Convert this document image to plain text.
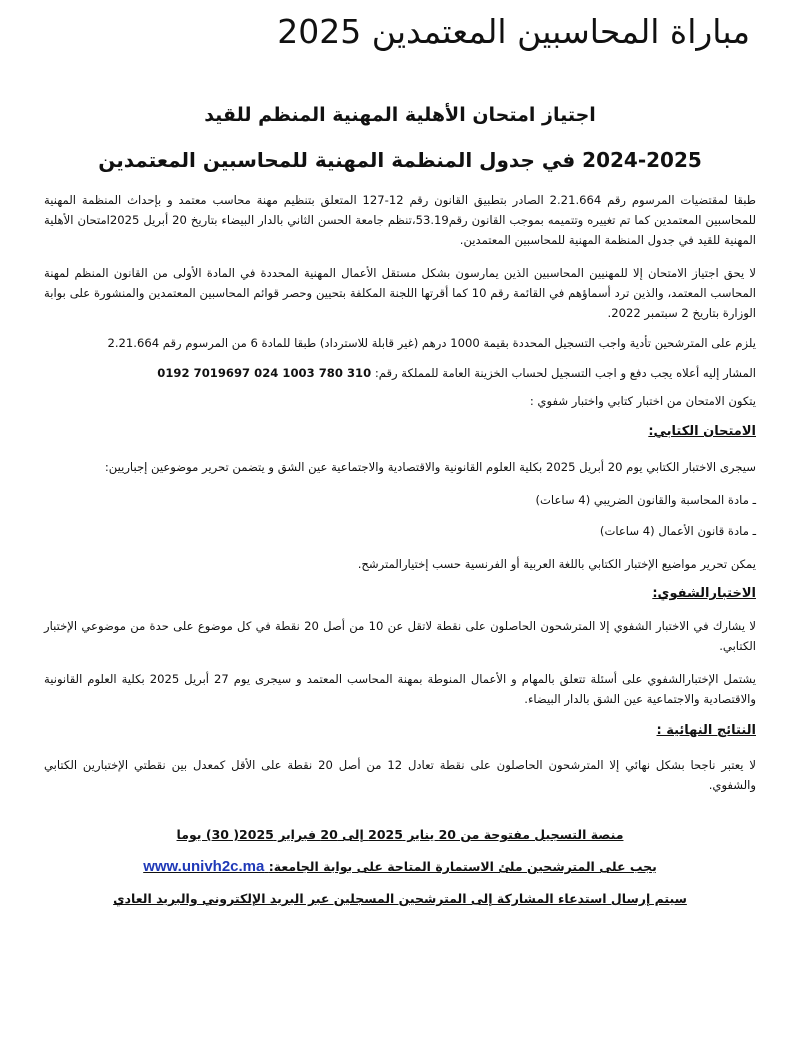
مباراة المحاسبين المعتمدين 2025
اجتياز امتحان الأهلية المهنية المنظم للقيد
2024-2025 في جدول المنظمة المهنية للمحاسبين المعتمدين

طبقا لمقتضيات المرسوم رقم 2.21.664 الصادر بتطبيق القانون رقم 12-127 المتعلق بتنظيم مهنة محاسب معتمد و بإحداث المنظمة المهنية للمحاسبين المعتمدين كما تم تغييره وتتميمه بموجب القانون رقم53.19،تنظم جامعة الحسن الثاني بالدار البيضاء بتاريخ 20 أبريل 2025امتحان الأهلية المهنية للقيد في جدول المنظمة المهنية للمحاسبين المعتمدين.

لا يحق اجتياز الامتحان إلا للمهنيين المحاسبين الذين يمارسون بشكل مستقل الأعمال المهنية المحددة في المادة الأولى من القانون المنظم لمهنة المحاسب المعتمد، والذين ترد أسماؤهم في القائمة رقم 10 كما أقرتها اللجنة المكلفة بتحيين وحصر قوائم المحاسبين المعتمدين والمنشورة على بوابة الوزارة بتاريخ 2 سبتمبر 2022.

يلزم على المترشحين تأدية واجب التسجيل المحددة بقيمة 1000 درهم (غير قابلة للاسترداد) طبقا للمادة 6 من المرسوم رقم 2.21.664

المشار إليه أعلاه يجب دفع و اجب التسجيل لحساب الخزينة العامة للمملكة رقم: 310 780 1003 024 7019697 0192

يتكون الامتحان من اختبار كتابي واختبار شفوي :

الامتحان الكتابي:

سيجرى الاختبار الكتابي يوم 20 أبريل 2025 بكلية العلوم القانونية والاقتصادية والاجتماعية عين الشق و يتضمن تحرير موضوعين إجباريين:

ـ مادة المحاسبة والقانون الضريبي (4 ساعات)

ـ مادة قانون الأعمال (4 ساعات)

يمكن تحرير مواضيع الإختبار الكتابي باللغة العربية أو الفرنسية حسب إختيارالمترشح.

الاختبارالشفوي:

لا يشارك في الاختبار الشفوي إلا المترشحون الحاصلون على نقطة لاتقل عن 10 من أصل 20 نقطة في كل موضوع على حدة من موضوعي الإختبار الكتابي.

يشتمل الإختبارالشفوي على أسئلة تتعلق بالمهام و الأعمال المنوطة بمهنة المحاسب المعتمد و سيجرى يوم 27 أبريل 2025 بكلية العلوم القانونية والاقتصادية والاجتماعية عين الشق بالدار البيضاء.

النتائج النهائية :

لا يعتبر ناجحا بشكل نهائي إلا المترشحون الحاصلون على نقطة تعادل 12 من أصل 20 نقطة على الأقل كمعدل بين نقطتي الإختبارين الكتابي والشفوي.

منصة التسجيل مفتوحة من 20 يناير 2025 إلى 20 فبراير 2025( 30) يوما
يجب على المترشحين ملئ الاستمارة المتاحة على بوابة الجامعة: www.univh2c.ma
سيتم إرسال استدعاء المشاركة إلى المترشحين المسجلين عبر البريد الإلكتروني والبريد العادي
